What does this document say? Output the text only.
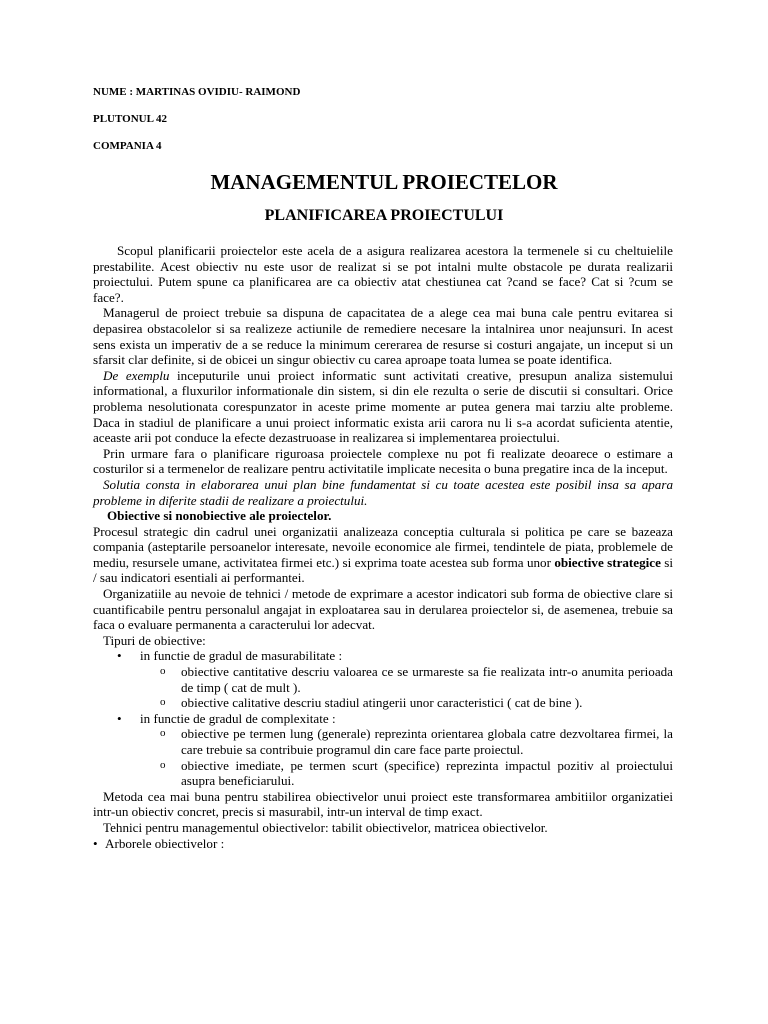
NUME : MARTINAS OVIDIU- RAIMOND
PLUTONUL 42
COMPANIA 4
MANAGEMENTUL PROIECTELOR
PLANIFICAREA PROIECTULUI

Scopul planificarii proiectelor este acela de a asigura realizarea acestora la termenele si cu cheltuielile prestabilite. Acest obiectiv nu este usor de realizat si se pot intalni multe obstacole pe durata realizarii proiectului. Putem spune ca planificarea are ca obiectiv atat chestiunea cat ?cand se face? Cat si ?cum se face?.

Managerul de proiect trebuie sa dispuna de capacitatea de a alege cea mai buna cale pentru evitarea si depasirea obstacolelor si sa realizeze actiunile de remediere necesare la intalnirea unor neajunsuri. In acest sens exista un imperativ de a se reduce la minimum cererarea de resurse si costuri angajate, un inceput si un sfarsit clar definite, si de obicei un singur obiectiv cu carea aproape toata lumea se poate identifica.

De exemplu inceputurile unui proiect informatic sunt activitati creative, presupun analiza sistemului informational, a fluxurilor informationale din sistem, si din ele rezulta o serie de discutii si consultari. Orice problema nesolutionata corespunzator in aceste prime momente ar putea genera mai tarziu alte probleme. Daca in stadiul de planificare a unui proiect informatic exista arii carora nu li s-a acordat suficienta atentie, aceaste arii pot conduce la efecte dezastruoase in realizarea si implementarea proiectului.

Prin urmare fara o planificare riguroasa proiectele complexe nu pot fi realizate deoarece o estimare a costurilor si a termenelor de realizare pentru activitatile implicate necesita o buna pregatire inca de la inceput.

Solutia consta in elaborarea unui plan bine fundamentat si cu toate acestea este posibil insa sa apara probleme in diferite stadii de realizare a proiectului.

Obiective si nonobiective ale proiectelor.

Procesul strategic din cadrul unei organizatii analizeaza conceptia culturala si politica pe care se bazeaza compania (asteptarile persoanelor interesate, nevoile economice ale firmei, tendintele de piata, problemele de mediu, resursele umane, activitatea firmei etc.) si exprima toate acestea sub forma unor obiective strategice si / sau indicatori esentiali ai performantei.

Organizatiile au nevoie de tehnici / metode de exprimare a acestor indicatori sub forma de obiective clare si cuantificabile pentru personalul angajat in exploatarea sau in derularea proiectelor si, de asemenea, trebuie sa faca o evaluare permanenta a caracterului lor adecvat.

Tipuri de obiective:

• in functie de gradul de masurabilitate :
o obiective cantitative descriu valoarea ce se urmareste sa fie realizata intr-o anumita perioada de timp ( cat de mult ).
o obiective calitative descriu stadiul atingerii unor caracteristici ( cat de bine ).
• in functie de gradul de complexitate :
o obiective pe termen lung (generale) reprezinta orientarea globala catre dezvoltarea firmei, la care trebuie sa contribuie programul din care face parte proiectul.
o obiective imediate, pe termen scurt (specifice) reprezinta impactul pozitiv al proiectului asupra beneficiarului.

Metoda cea mai buna pentru stabilirea obiectivelor unui proiect este transformarea ambitiilor organizatiei intr-un obiectiv concret, precis si masurabil, intr-un interval de timp exact.

Tehnici pentru managementul obiectivelor: tabilit obiectivelor, matricea obiectivelor.

• Arborele obiectivelor :
